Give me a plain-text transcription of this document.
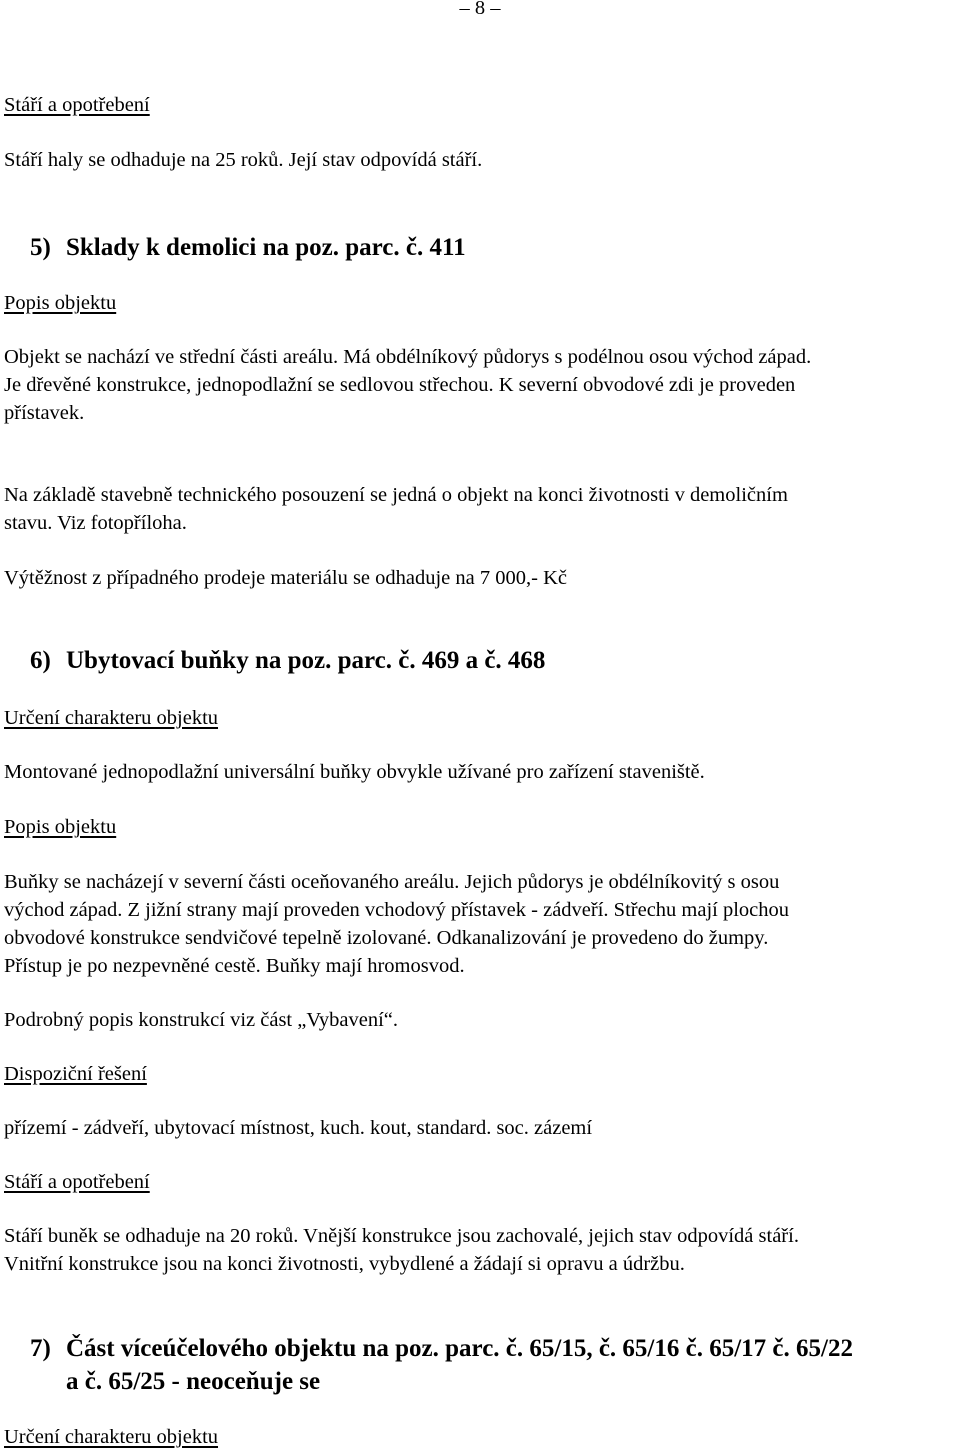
– 8 –

Stáří a opotřebení

Stáří haly se odhaduje na 25 roků. Její stav odpovídá stáří.

5) Sklady k demolici na poz. parc. č. 411

Popis objektu

Objekt se nachází ve střední části areálu. Má obdélníkový půdorys s podélnou osou východ západ.

Je dřevěné konstrukce, jednopodlažní se sedlovou střechou. K severní obvodové zdi je proveden

přístavek.

Na základě stavebně technického posouzení se jedná o objekt na konci životnosti v demoličním

stavu. Viz fotopříloha.

Výtěžnost z případného prodeje materiálu se odhaduje na 7 000,- Kč

6) Ubytovací buňky na poz. parc. č. 469 a č. 468

Určení charakteru objektu

Montované jednopodlažní universální buňky obvykle užívané pro zařízení staveniště.

Popis objektu

Buňky se nacházejí v severní části oceňovaného areálu. Jejich půdorys je obdélníkovitý s osou

východ západ. Z jižní strany mají proveden vchodový přístavek - zádveří. Střechu mají plochou

obvodové konstrukce sendvičové tepelně izolované. Odkanalizování je provedeno do žumpy.

Přístup je po nezpevněné cestě. Buňky mají hromosvod.

Podrobný popis konstrukcí viz část „Vybavení“.

Dispoziční řešení

přízemí - zádveří, ubytovací místnost, kuch. kout, standard. soc. zázemí

Stáří a opotřebení

Stáří buněk se odhaduje na 20 roků. Vnější konstrukce jsou zachovalé, jejich stav odpovídá stáří.

Vnitřní konstrukce jsou na konci životnosti, vybydlené a žádají si opravu a údržbu.

7) Část víceúčelového objektu na poz. parc. č. 65/15, č. 65/16 č. 65/17 č. 65/22

a č. 65/25 - neoceňuje se

Určení charakteru objektu
